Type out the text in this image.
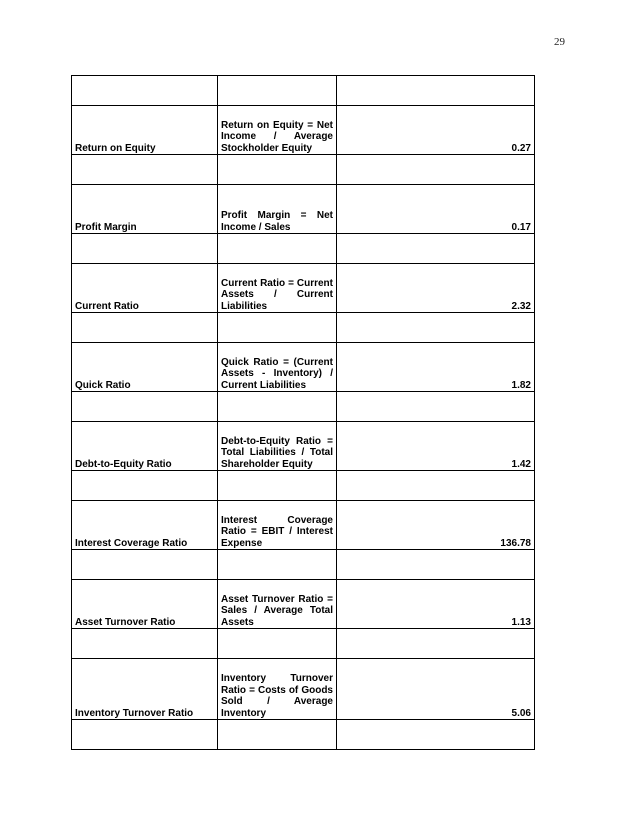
29

Return on Equity	Return on Equity = Net Income / Average Stockholder Equity	0.27

Profit Margin	Profit Margin = Net Income / Sales	0.17

Current Ratio	Current Ratio = Current Assets / Current Liabilities	2.32

Quick Ratio	Quick Ratio = (Current Assets - Inventory) / Current Liabilities	1.82

Debt-to-Equity Ratio	Debt-to-Equity Ratio = Total Liabilities / Total Shareholder Equity	1.42

Interest Coverage Ratio	Interest Coverage Ratio = EBIT / Interest Expense	136.78

Asset Turnover Ratio	Asset Turnover Ratio = Sales / Average Total Assets	1.13

Inventory Turnover Ratio	Inventory Turnover Ratio = Costs of Goods Sold / Average Inventory	5.06
